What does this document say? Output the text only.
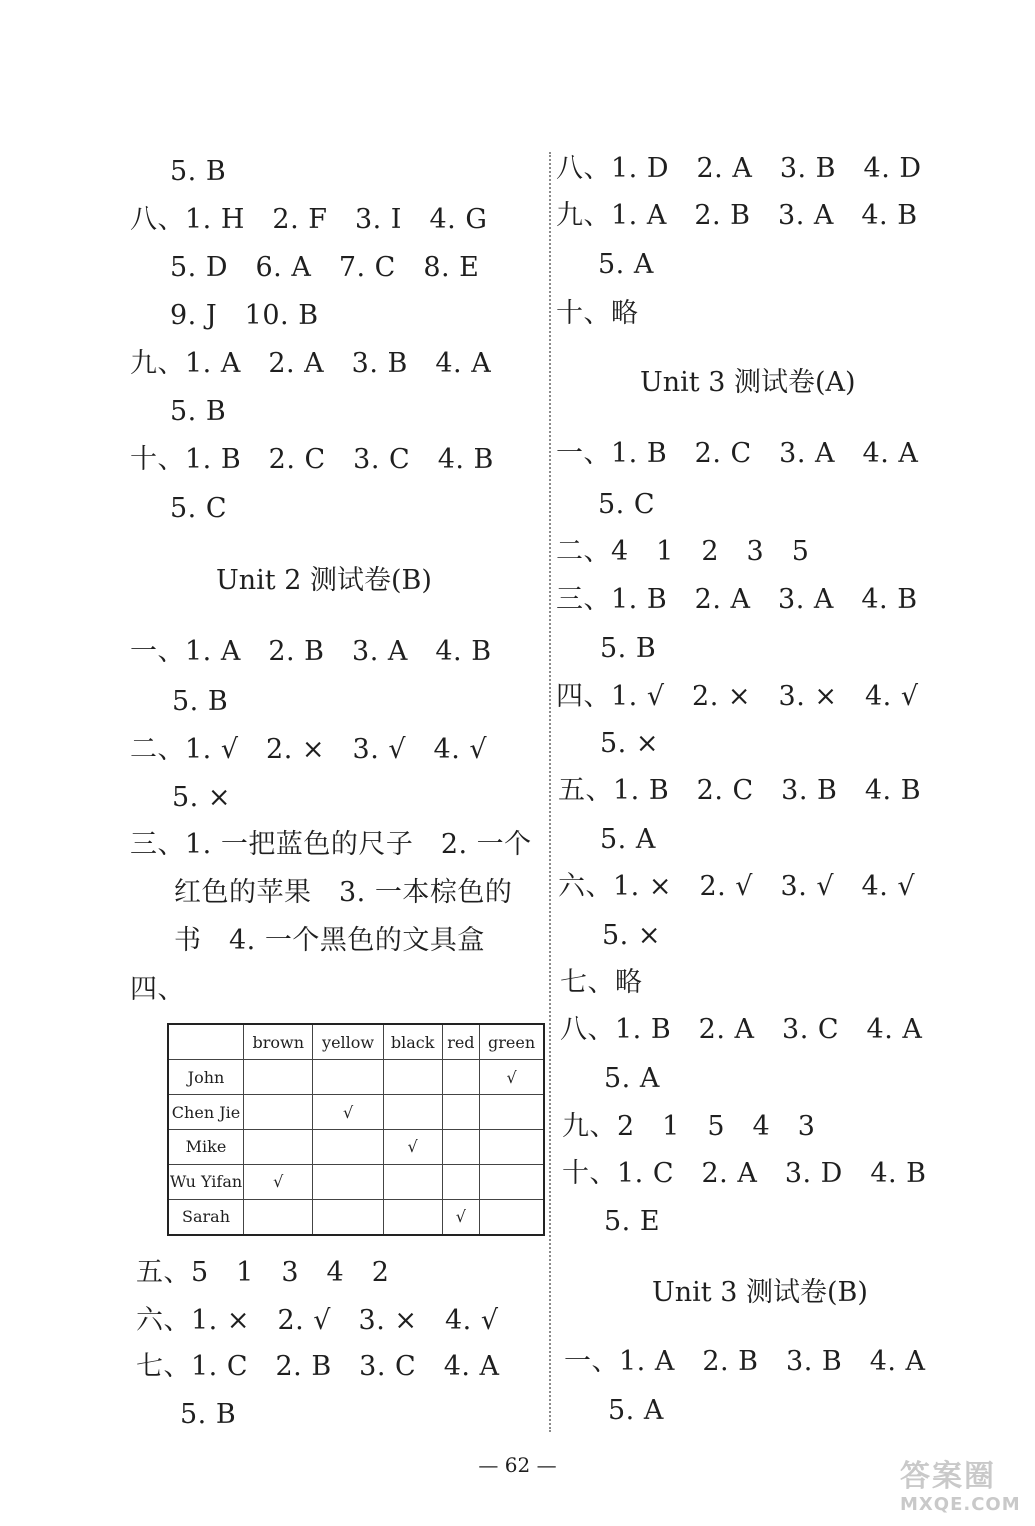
5. B
八、1. H　2. F　3. I　4. G
5. D　6. A　7. C　8. E
9. J　10. B
九、1. A　2. A　3. B　4. A
5. B
十、1. B　2. C　3. C　4. B
5. C
Unit 2 测试卷(B)
一、1. A　2. B　3. A　4. B
5. B
二、1. √　2. ×　3. √　4. √
5. ×
三、1. 一把蓝色的尺子　2. 一个
红色的苹果　3. 一本棕色的
书　4. 一个黑色的文具盒
四、
	brown	yellow	black	red	green
John					√
Chen Jie		√			
Mike			√		
Wu Yifan	√				
Sarah				√	
五、5　1　3　4　2
六、1. ×　2. √　3. ×　4. √
七、1. C　2. B　3. C　4. A
5. B
八、1. D　2. A　3. B　4. D
九、1. A　2. B　3. A　4. B
5. A
十、略
Unit 3 测试卷(A)
一、1. B　2. C　3. A　4. A
5. C
二、4　1　2　3　5
三、1. B　2. A　3. A　4. B
5. B
四、1. √　2. ×　3. ×　4. √
5. ×
五、1. B　2. C　3. B　4. B
5. A
六、1. ×　2. √　3. √　4. √
5. ×
七、略
八、1. B　2. A　3. C　4. A
5. A
九、2　1　5　4　3
十、1. C　2. A　3. D　4. B
5. E
Unit 3 测试卷(B)
一、1. A　2. B　3. B　4. A
5. A
— 62 —	答案圈
MXQE.COM
